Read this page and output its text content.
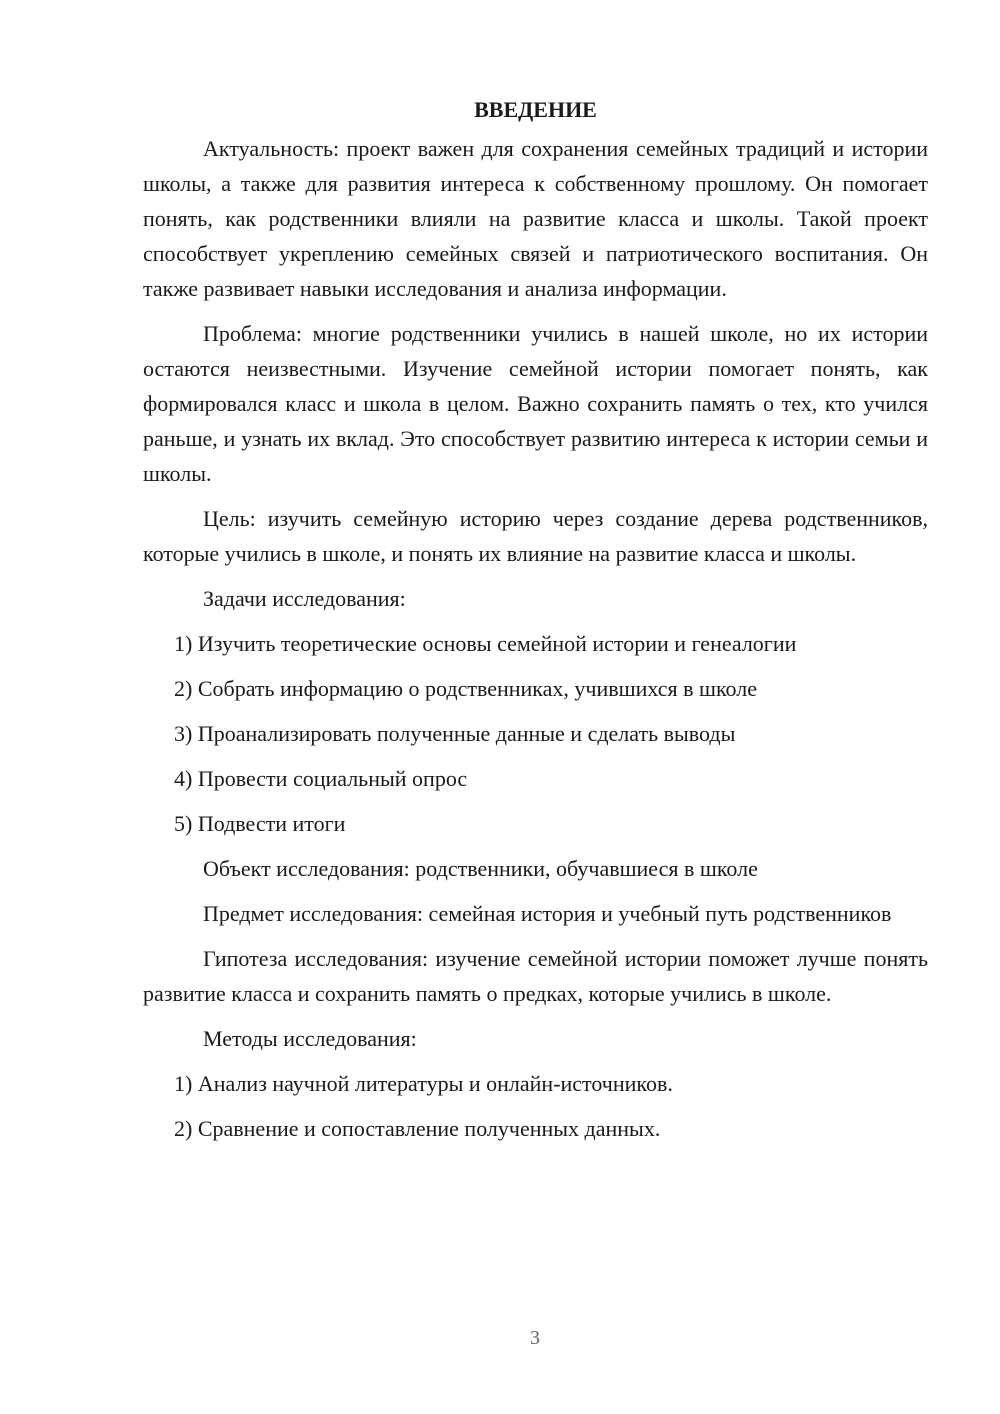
ВВЕДЕНИЕ

Актуальность: проект важен для сохранения семейных традиций и истории школы, а также для развития интереса к собственному прошлому. Он помогает понять, как родственники влияли на развитие класса и школы. Такой проект способствует укреплению семейных связей и патриотического воспитания. Он также развивает навыки исследования и анализа информации.

Проблема: многие родственники учились в нашей школе, но их истории остаются неизвестными. Изучение семейной истории помогает понять, как формировался класс и школа в целом. Важно сохранить память о тех, кто учился раньше, и узнать их вклад. Это способствует развитию интереса к истории семьи и школы.

Цель: изучить семейную историю через создание дерева родственников, которые учились в школе, и понять их влияние на развитие класса и школы.

Задачи исследования:
1) Изучить теоретические основы семейной истории и генеалогии
2) Собрать информацию о родственниках, учившихся в школе
3) Проанализировать полученные данные и сделать выводы
4) Провести социальный опрос
5) Подвести итоги
Объект исследования: родственники, обучавшиеся в школе

Предмет исследования: семейная история и учебный путь родственников

Гипотеза исследования: изучение семейной истории поможет лучше понять развитие класса и сохранить память о предках, которые учились в школе.

Методы исследования:
1) Анализ научной литературы и онлайн-источников.
2) Сравнение и сопоставление полученных данных.
3
